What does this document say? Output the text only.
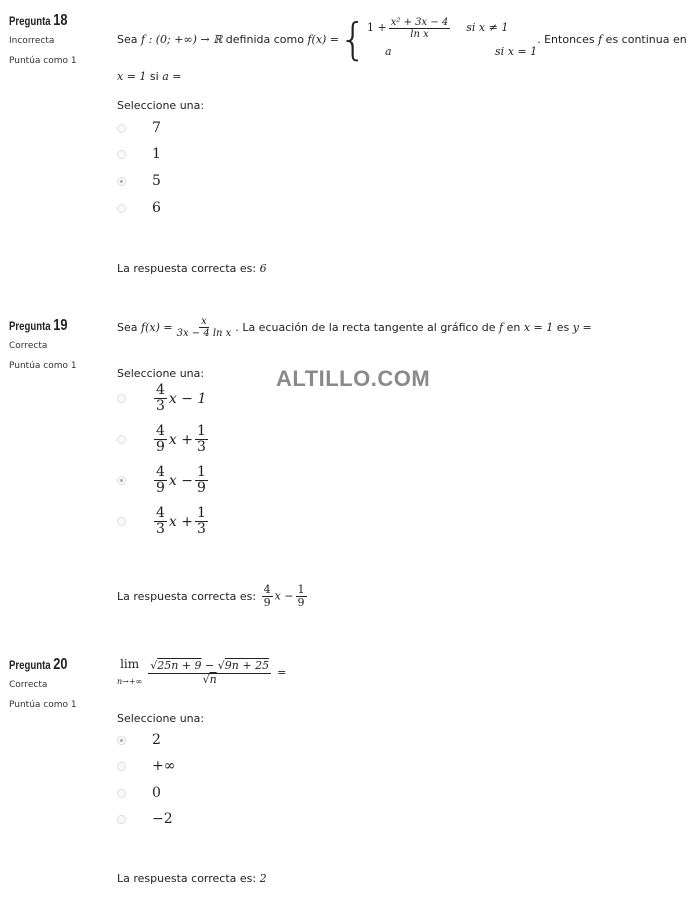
ALTILLO.COM
Pregunta 18
Incorrecta
Puntúa como 1
Sea
f : (0; +∞) → ℝ
definida como
f(x) = { $1 + \frac{\text{x² + 3x − 4}}{\text{ln x}}$ si x ≠ 1
a	si x = 1
. Entonces
f
es continua en
x = 1 si a =
Seleccione una:
7
1
5
6
La respuesta correcta es: 6
Pregunta 19
Correcta
Puntúa como 1
Sea
$f(x) = \frac{x}{\text{3x − 4 ln x}}$ . La ecuación de la recta tangente al gráfico de
f
en
x = 1
es
y =
Seleccione una:
$\frac{4}{3}$ x − 1
$\frac{4}{9}$ $x + \frac{1}{3}$
$\frac{4}{9}$ $x - \frac{1}{9}$
$\frac{4}{3}$ $x + \frac{1}{3}$
La respuesta correcta es:
$\frac{4}{9}$ $x - \frac{1}{9}$
Pregunta 20
Correcta
Puntúa como 1
lim
$n\to+\infty \frac{√25n + 9 - √9n + 25}{√n}$ =
Seleccione una:
2
+∞
0
−2
La respuesta correcta es: 2
